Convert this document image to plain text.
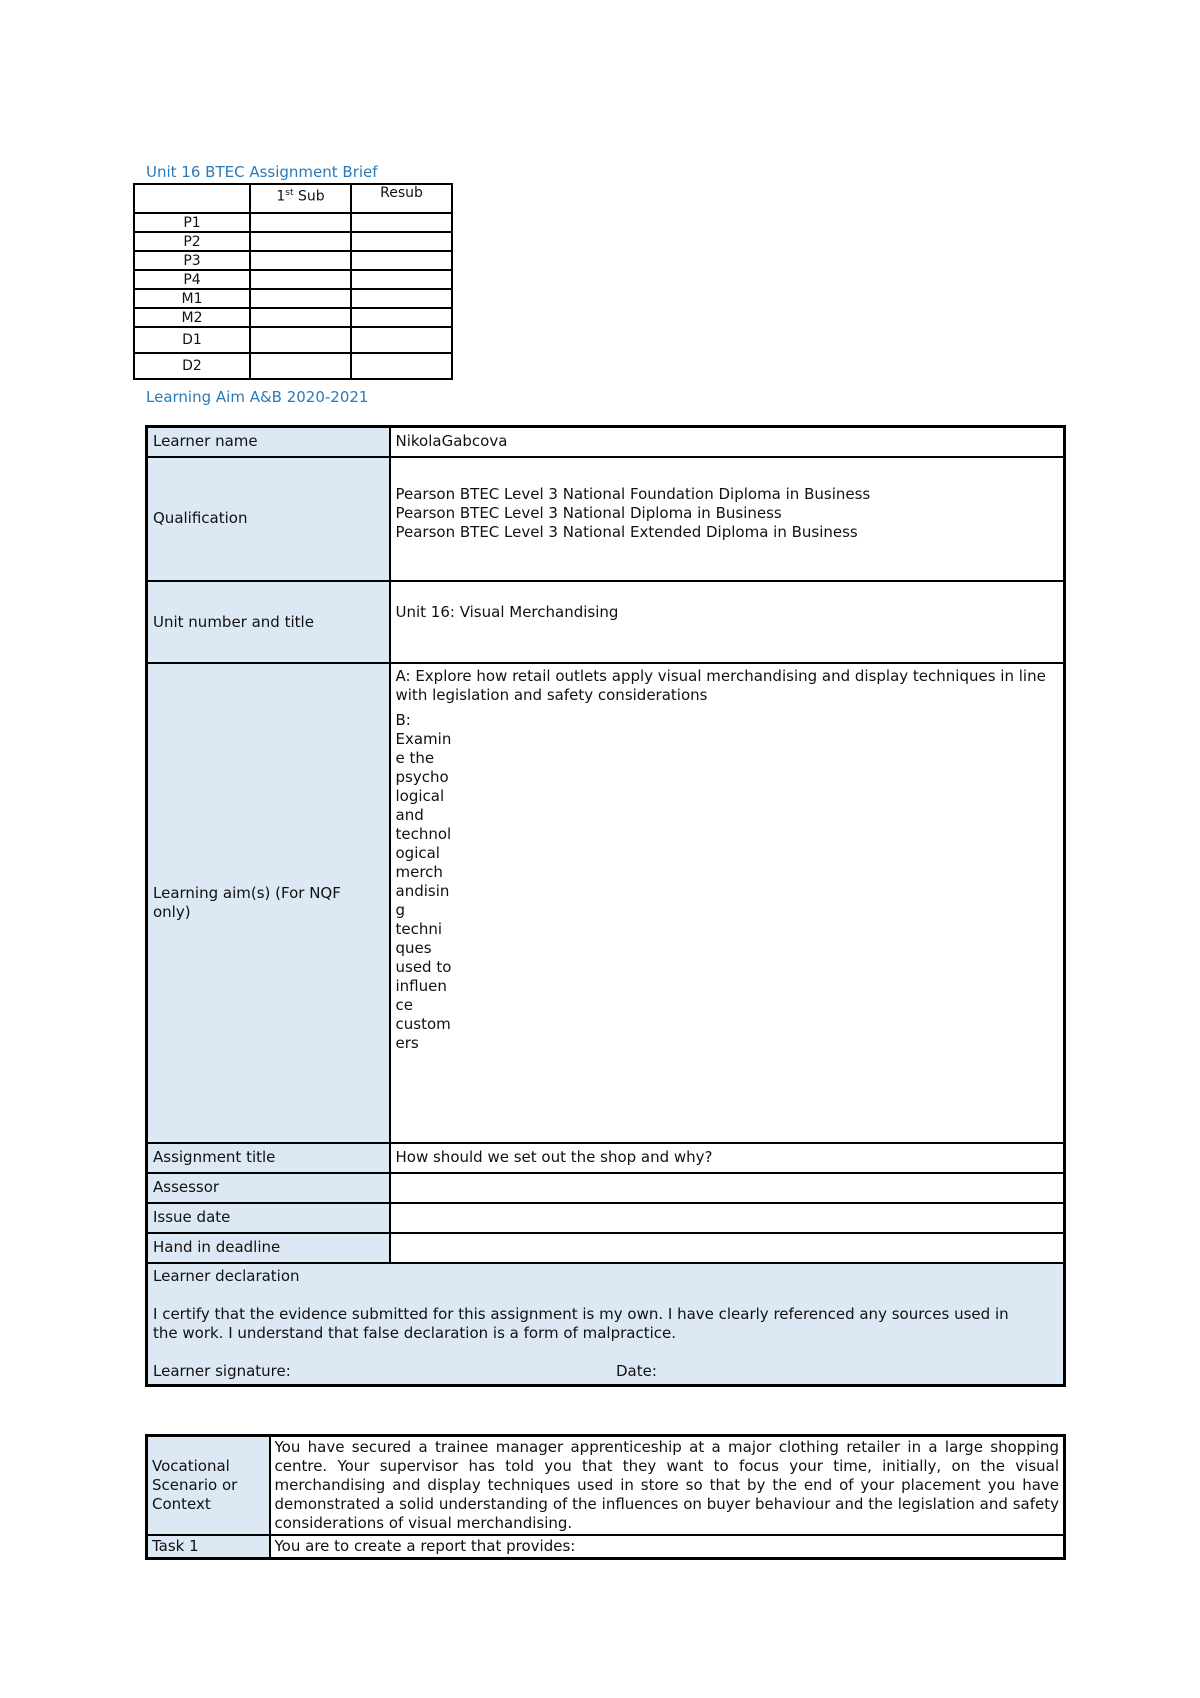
Unit 16 BTEC Assignment Brief
	1st Sub	Resub
P1		
P2		
P3		
P4		
M1		
M2		
D1		
D2		
Learning Aim A&B 2020-2021
Learner name	NikolaGabcova
Qualification	Pearson BTEC Level 3 National Foundation Diploma in Business
Pearson BTEC Level 3 National Diploma in Business
Pearson BTEC Level 3 National Extended Diploma in Business

Unit number and title	Unit 16: Visual Merchandising
Learning aim(s) (For NQF only)	A: Explore how retail outlets apply visual merchandising and display techniques in line with legislation and safety considerations
B: Examine the psychological and technological merchandising techniques used to influence customers

Assignment title	How should we set out the shop and why?
Assessor	
Issue date	
Hand in deadline	

Learner declaration

I certify that the evidence submitted for this assignment is my own. I have clearly referenced any sources used in the work. I understand that false declaration is a form of malpractice.

Learner signature: Date:	
Vocational Scenario or Context	You have secured a trainee manager apprenticeship at a major clothing retailer in a large shopping centre. Your supervisor has told you that they want to focus your time, initially, on the visual merchandising and display techniques used in store so that by the end of your placement you have demonstrated a solid understanding of the influences on buyer behaviour and the legislation and safety considerations of visual merchandising.
Task 1	You are to create a report that provides:
